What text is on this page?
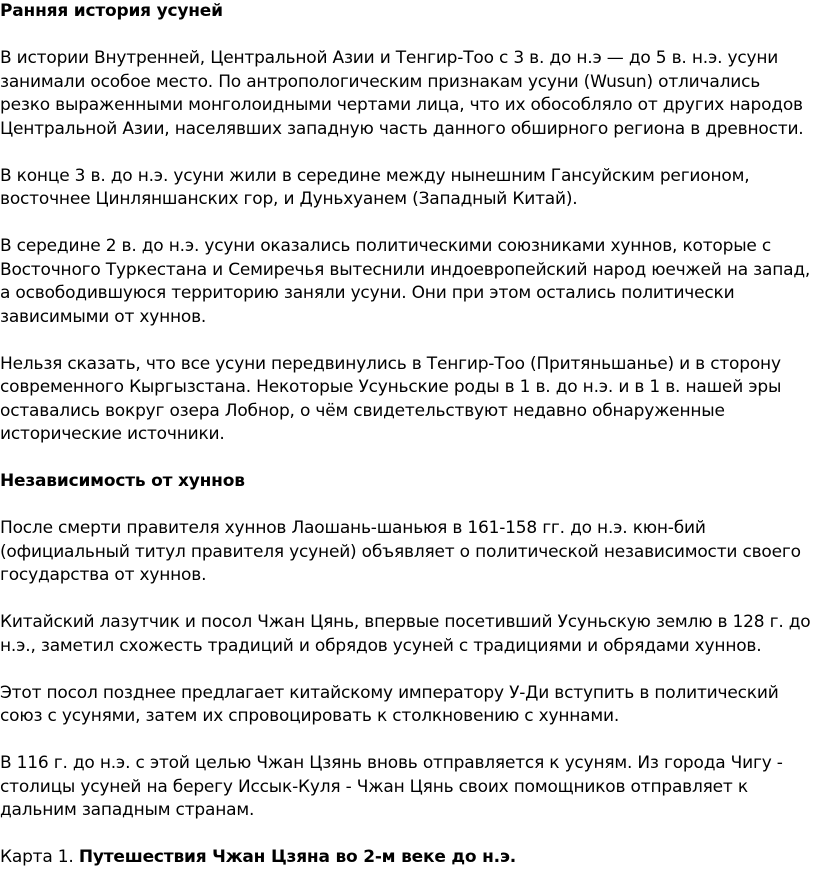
Ранняя история усуней

В истории Внутренней, Центральной Азии и Тенгир-Тоо с 3 в. до н.э — до 5 в. н.э. усуни занимали особое место. По антропологическим признакам усуни (Wusun) отличались резко выраженными монголоидными чертами лица, что их обособляло от других народов Центральной Азии, населявших западную часть данного обширного региона в древности.

В конце 3 в. до н.э. усуни жили в середине между нынешним Гансуйским регионом, восточнее Цинляншанских гор, и Дуньхуанем (Западный Китай).

В середине 2 в. до н.э. усуни оказались политическими союзниками хуннов, которые с Восточного Туркестана и Семиречья вытеснили индоевропейский народ юечжей на запад, а освободившуюся территорию заняли усуни. Они при этом остались политически зависимыми от хуннов.

Нельзя сказать, что все усуни передвинулись в Тенгир-Тоо (Притяньшанье) и в сторону современного Кыргызстана. Некоторые Усуньские роды в 1 в. до н.э. и в 1 в. нашей эры оставались вокруг озера Лобнор, о чём свидетельствуют недавно обнаруженные исторические источники.

Независимость от хуннов

После смерти правителя хуннов Лаошань-шаньюя в 161-158 гг. до н.э. кюн-бий (официальный титул правителя усуней) объявляет о политической независимости своего государства от хуннов.

Китайский лазутчик и посол Чжан Цянь, впервые посетивший Усуньскую землю в 128 г. до н.э., заметил схожесть традиций и обрядов усуней с традициями и обрядами хуннов.

Этот посол позднее предлагает китайскому императору У-Ди вступить в политический союз с усунями, затем их спровоцировать к столкновению с хуннами.

В 116 г. до н.э. с этой целью Чжан Цзянь вновь отправляется к усуням. Из города Чигу - столицы усуней на берегу Иссык-Куля - Чжан Цянь своих помощников отправляет к дальним западным странам.

Карта 1. Путешествия Чжан Цзяна во 2-м веке до н.э.
